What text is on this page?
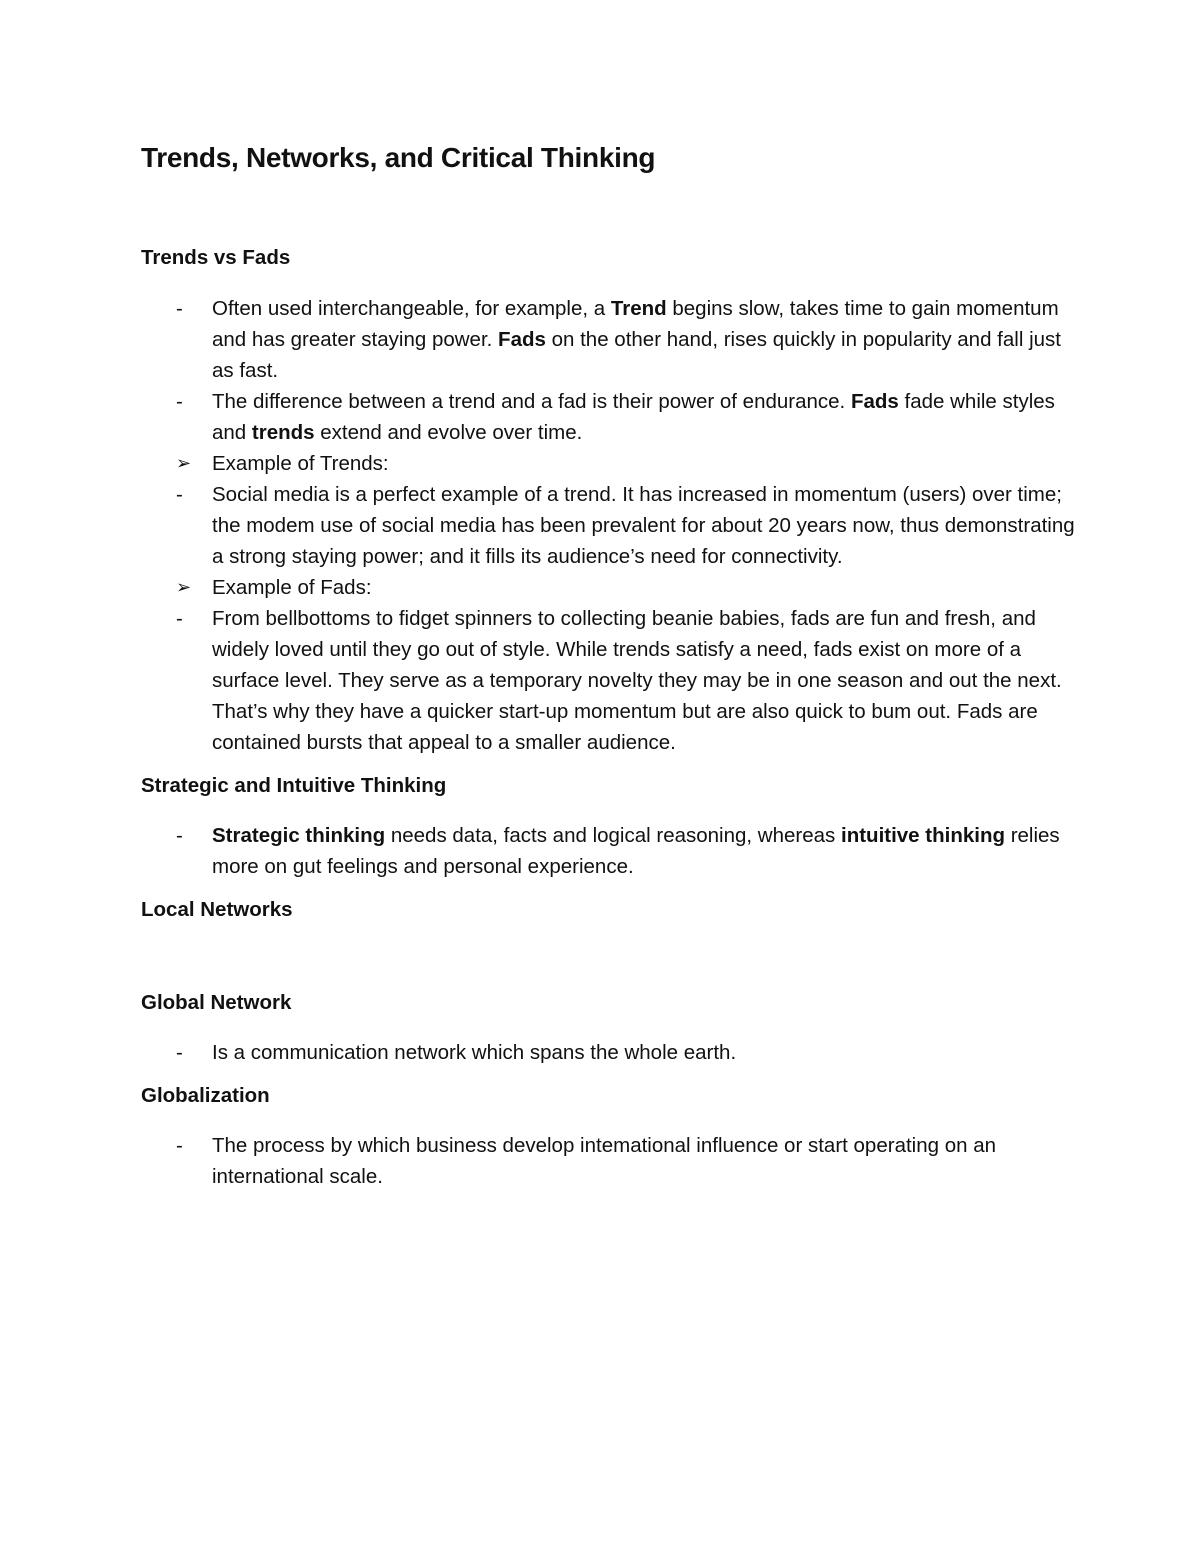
Trends, Networks, and Critical Thinking
Trends vs Fads
-	Often used interchangeable, for example, a Trend begins slow, takes time to gain momentum and has greater staying power. Fads on the other hand, rises quickly in popularity and fall just as fast.
-	The difference between a trend and a fad is their power of endurance. Fads fade while styles and trends extend and evolve over time.
➢	Example of Trends:
-	Social media is a perfect example of a trend. It has increased in momentum (users) over time; the modem use of social media has been prevalent for about 20 years now, thus demonstrating a strong staying power; and it fills its audience’s need for connectivity.
➢	Example of Fads:
-	From bellbottoms to fidget spinners to collecting beanie babies, fads are fun and fresh, and widely loved until they go out of style. While trends satisfy a need, fads exist on more of a surface level. They serve as a temporary novelty they may be in one season and out the next. That’s why they have a quicker start-up momentum but are also quick to bum out. Fads are contained bursts that appeal to a smaller audience.
Strategic and Intuitive Thinking
-	Strategic thinking needs data, facts and logical reasoning, whereas intuitive thinking relies more on gut feelings and personal experience.
Local Networks
Global Network
-	Is a communication network which spans the whole earth.
Globalization
-	The process by which business develop intemational influence or start operating on an international scale.
